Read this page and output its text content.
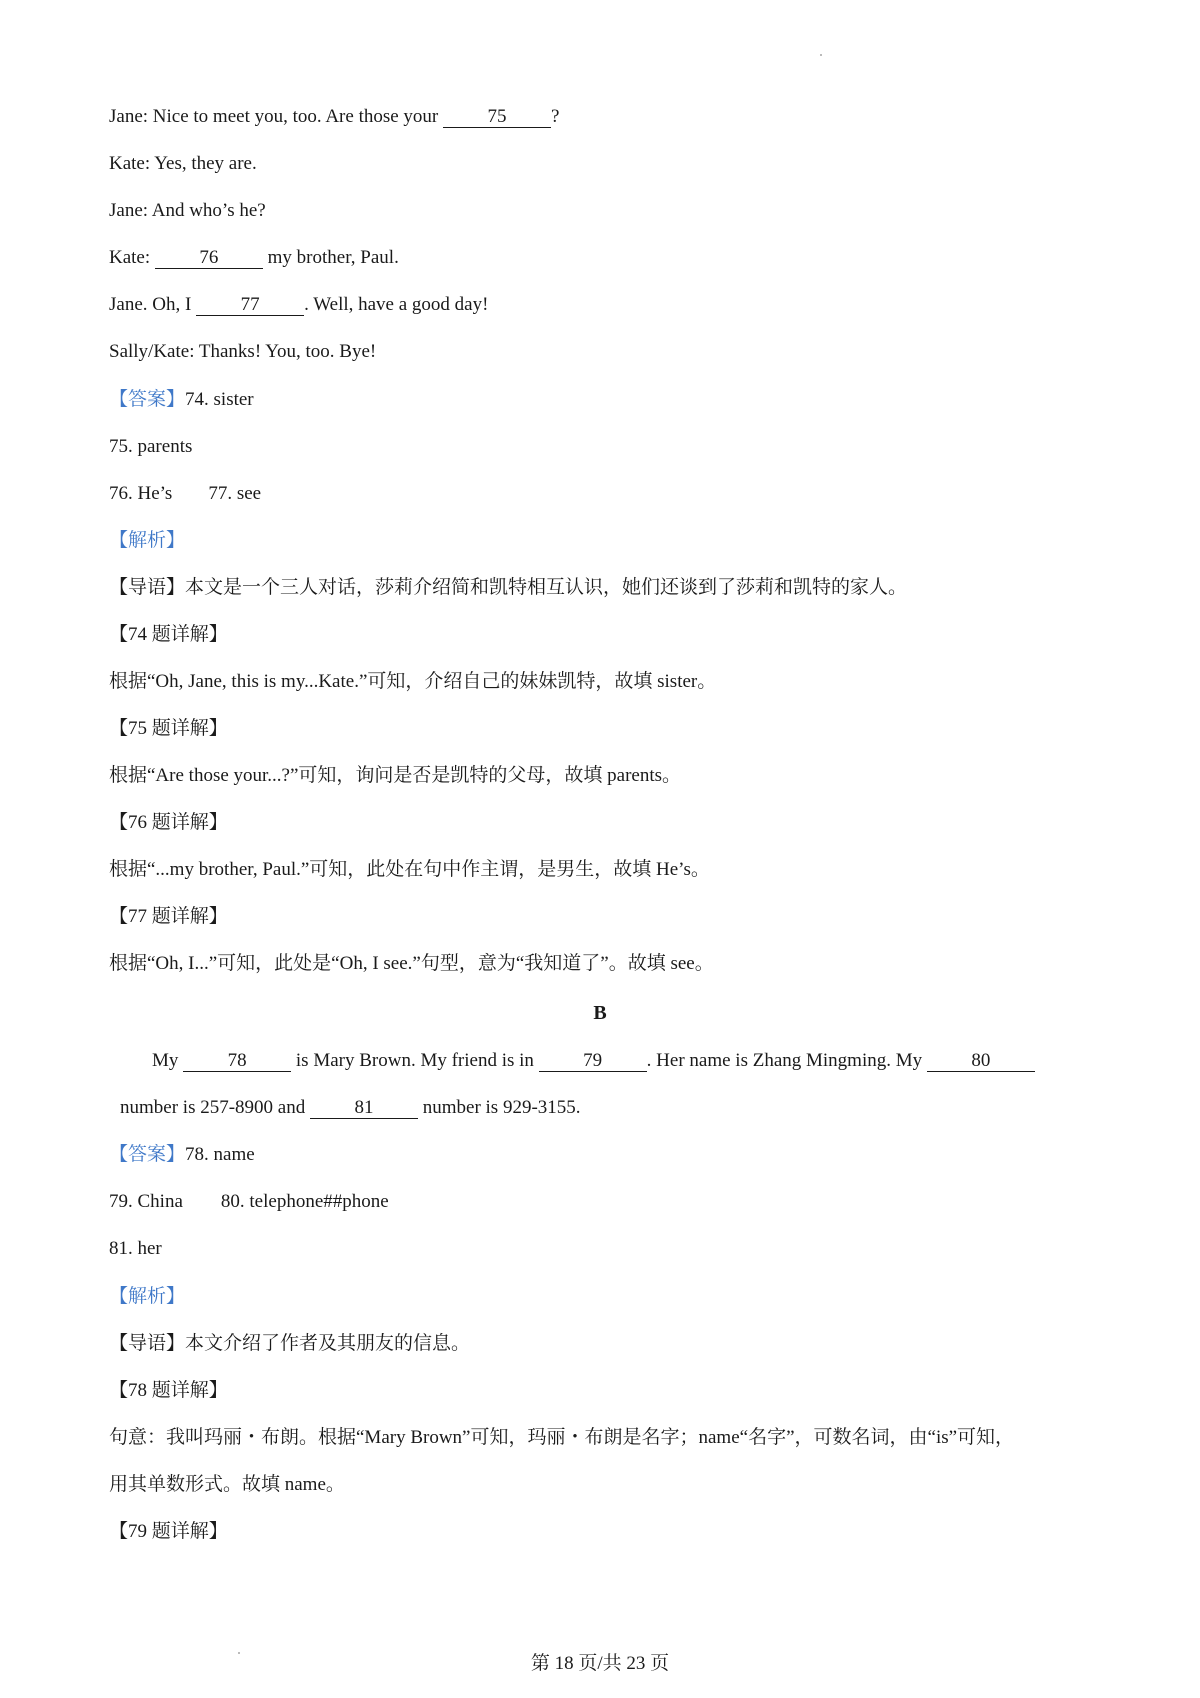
Jane: Nice to meet you, too. Are those your 75 ?
Kate: Yes, they are.
Jane: And who’s he?
Kate: 76 my brother, Paul.
Jane. Oh, I 77 . Well, have a good day!
Sally/Kate: Thanks! You, too. Bye!
【答案】74. sister
75. parents
76. He’s 77. see
【解析】
【导语】本文是一个三人对话，莎莉介绍简和凯特相互认识，她们还谈到了莎莉和凯特的家人。
【74 题详解】
根据“Oh, Jane, this is my...Kate.”可知，介绍自己的妹妹凯特，故填 sister。
【75 题详解】
根据“Are those your...?”可知，询问是否是凯特的父母，故填 parents。
【76 题详解】
根据“...my brother, Paul.”可知，此处在句中作主谓，是男生，故填 He’s。
【77 题详解】
根据“Oh, I...”可知，此处是“Oh, I see.”句型，意为“我知道了”。故填 see。
B
My 78 is Mary Brown. My friend is in 79 . Her name is Zhang Mingming. My 80
number is 257-8900 and 81 number is 929-3155.
【答案】78. name
79. China 80. telephone##phone
81. her
【解析】
【导语】本文介绍了作者及其朋友的信息。
【78 题详解】
句意：我叫玛丽・布朗。根据“Mary Brown”可知，玛丽・布朗是名字；name“名字”，可数名词，由“is”可知，
用其单数形式。故填 name。
【79 题详解】
第 18 页/共 23 页
